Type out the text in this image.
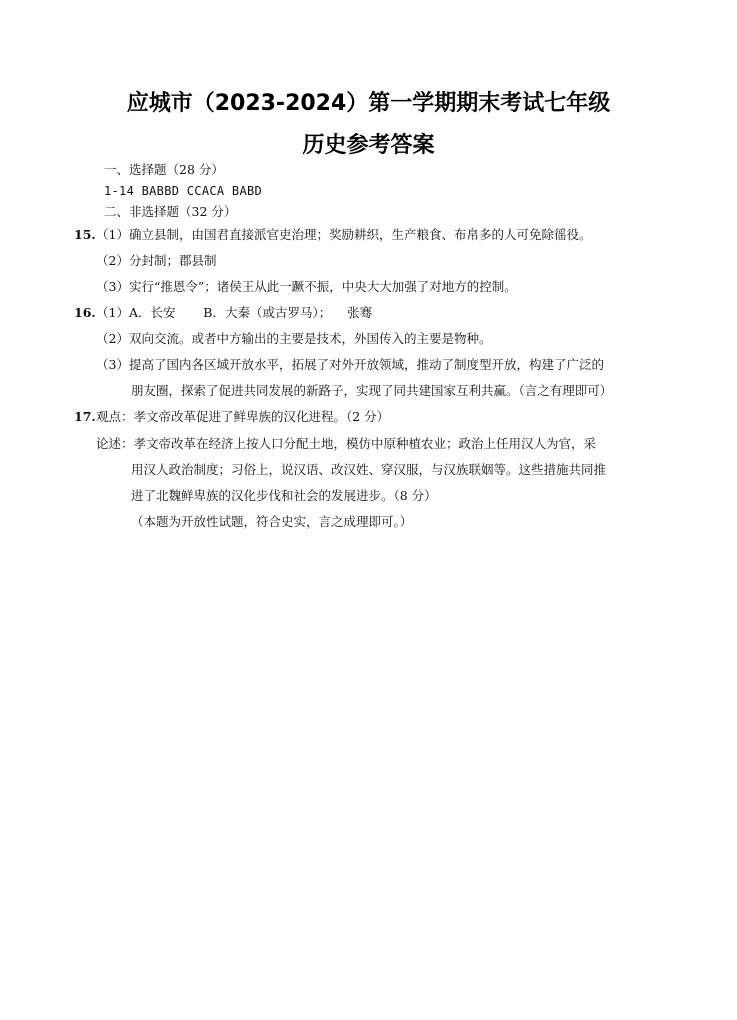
应城市（2023-2024）第一学期期末考试七年级
历史参考答案
一、选择题（28 分）
1-14 BABBD CCACA BABD
二、非选择题（32 分）
15. （1）确立县制，由国君直接派官吏治理；奖励耕织，生产粮食、布帛多的人可免除徭役。
（2）分封制；郡县制
（3）实行“推恩令”；诸侯王从此一蹶不振，中央大大加强了对地方的控制。
16. （1）A．长安       B．大秦（或古罗马）；    张骞
（2）双向交流。或者中方输出的主要是技术，外国传入的主要是物种。
（3）提高了国内各区域开放水平，拓展了对外开放领域，推动了制度型开放，构建了广泛的
朋友圈，探索了促进共同发展的新路子，实现了同共建国家互利共赢。（言之有理即可）
17. 观点：孝文帝改革促进了鲜卑族的汉化进程。（2 分）
论述：孝文帝改革在经济上按人口分配土地，模仿中原种植农业；政治上任用汉人为官，采
用汉人政治制度；习俗上，说汉语、改汉姓、穿汉服，与汉族联姻等。这些措施共同推
进了北魏鲜卑族的汉化步伐和社会的发展进步。（8 分）
（本题为开放性试题，符合史实，言之成理即可。）
